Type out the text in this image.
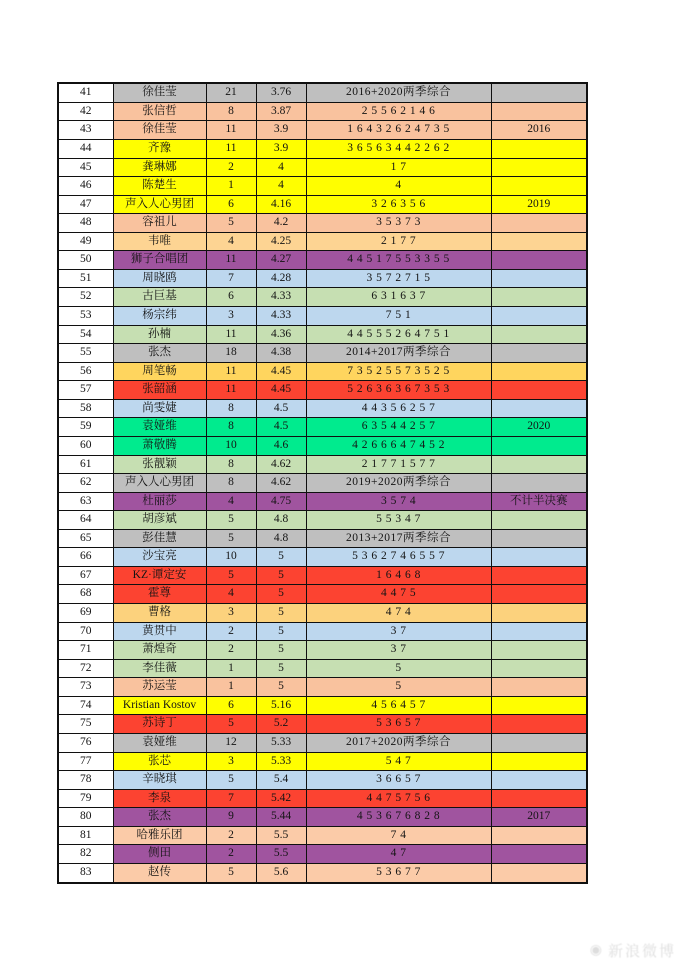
41	徐佳莹	21	3.76	2016+2020两季综合	
42	张信哲	8	3.87	2 5 5 6 2 1 4 6	
43	徐佳莹	11	3.9	1 6 4 3 2 6 2 4 7 3 5	2016
44	齐豫	11	3.9	3 6 5 6 3 4 4 2 2 6 2	
45	龚琳娜	2	4	1 7	
46	陈楚生	1	4	4	
47	声入人心男团	6	4.16	3 2 6 3 5 6	2019
48	容祖儿	5	4.2	3 5 3 7 3	
49	韦唯	4	4.25	2 1 7 7	
50	狮子合唱团	11	4.27	4 4 5 1 7 5 5 3 3 5 5	
51	周晓鸥	7	4.28	3 5 7 2 7 1 5	
52	古巨基	6	4.33	6 3 1 6 3 7	
53	杨宗纬	3	4.33	7 5 1	
54	孙楠	11	4.36	4 4 5 5 5 2 6 4 7 5 1	
55	张杰	18	4.38	2014+2017两季综合	
56	周笔畅	11	4.45	7 3 5 2 5 5 7 3 5 2 5	
57	张韶涵	11	4.45	5 2 6 3 6 3 6 7 3 5 3	
58	尚雯婕	8	4.5	4 4 3 5 6 2 5 7	
59	袁娅维	8	4.5	6 3 5 4 4 2 5 7	2020
60	萧敬腾	10	4.6	4 2 6 6 6 4 7 4 5 2	
61	张靓颖	8	4.62	2 1 7 7 1 5 7 7	
62	声入人心男团	8	4.62	2019+2020两季综合	
63	杜丽莎	4	4.75	3 5 7 4	不计半决赛
64	胡彦斌	5	4.8	5 5 3 4 7	
65	彭佳慧	5	4.8	2013+2017两季综合	
66	沙宝亮	10	5	5 3 6 2 7 4 6 5 5 7	
67	KZ·谭定安	5	5	1 6 4 6 8	
68	霍尊	4	5	4 4 7 5	
69	曹格	3	5	4 7 4	
70	黄贯中	2	5	3 7	
71	萧煌奇	2	5	3 7	
72	李佳薇	1	5	5	
73	苏运莹	1	5	5	
74	Kristian Kostov	6	5.16	4 5 6 4 5 7	
75	苏诗丁	5	5.2	5 3 6 5 7	
76	袁娅维	12	5.33	2017+2020两季综合	
77	张芯	3	5.33	5 4 7	
78	辛晓琪	5	5.4	3 6 6 5 7	
79	李泉	7	5.42	4 4 7 5 7 5 6	
80	张杰	9	5.44	4 5 3 6 7 6 8 2 8	2017
81	哈雅乐团	2	5.5	7 4	
82	侧田	2	5.5	4 7	
83	赵传	5	5.6	5 3 6 7 7	
◉ 新浪微博
